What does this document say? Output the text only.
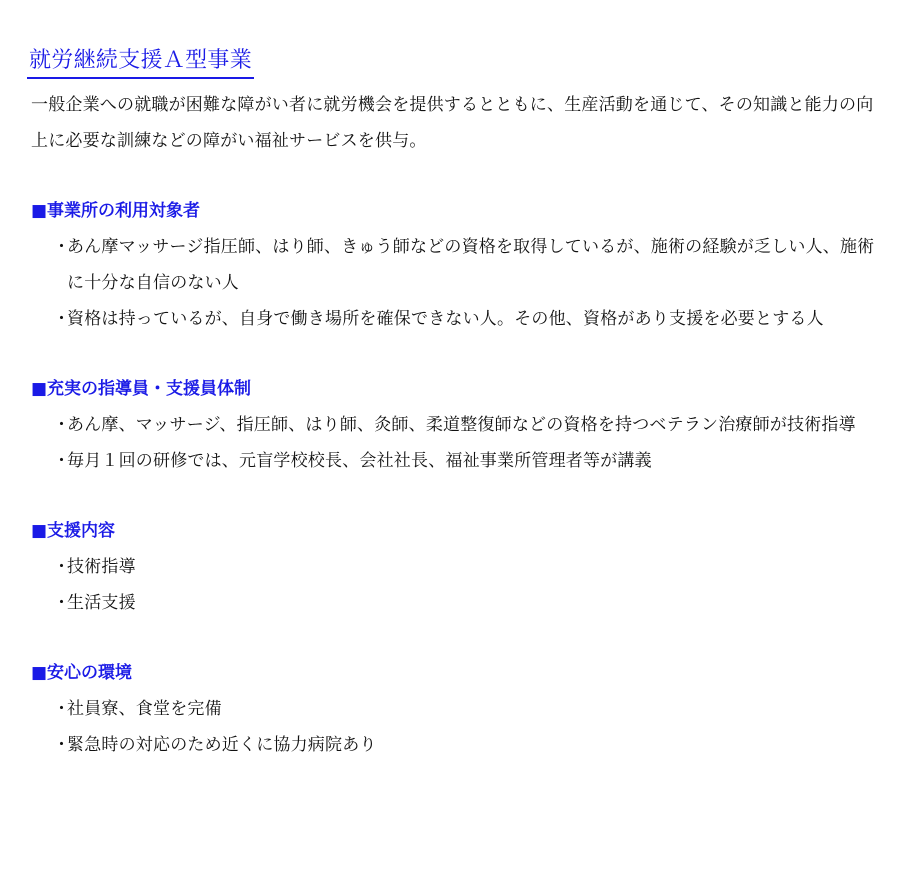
就労継続支援Ａ型事業

一般企業への就職が困難な障がい者に就労機会を提供するとともに、生産活動を通じて、その知識と能力の向上に必要な訓練などの障がい福祉サービスを供与。

■事業所の利用対象者
・あん摩マッサージ指圧師、はり師、きゅう師などの資格を取得しているが、施術の経験が乏しい人、施術に十分な自信のない人
・資格は持っているが、自身で働き場所を確保できない人。その他、資格があり支援を必要とする人
■充実の指導員・支援員体制
・あん摩、マッサージ、指圧師、はり師、灸師、柔道整復師などの資格を持つベテラン治療師が技術指導
・毎月１回の研修では、元盲学校校長、会社社長、福祉事業所管理者等が講義
■支援内容
・技術指導
・生活支援
■安心の環境
・社員寮、食堂を完備
・緊急時の対応のため近くに協力病院あり
